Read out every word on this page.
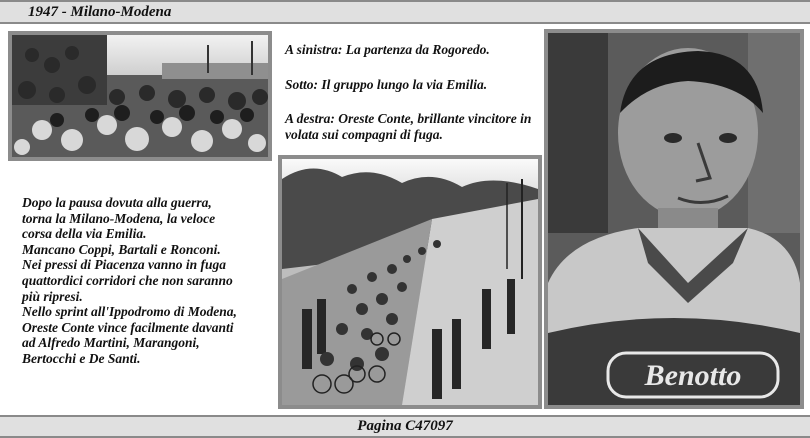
1947 - Milano-Modena

A sinistra: La partenza da Rogoredo.

Sotto: Il gruppo lungo la via Emilia.

A destra: Oreste Conte, brillante vincitore in volata sui compagni di fuga.

Benotto
Dopo la pausa dovuta alla guerra,
torna la Milano-Modena, la veloce
corsa della via Emilia.
Mancano Coppi, Bartali e Ronconi.
Nei pressi di Piacenza vanno in fuga
quattordici corridori che non saranno
più ripresi.
Nello sprint all'Ippodromo di Modena,
Oreste Conte vince facilmente davanti
ad Alfredo Martini, Marangoni,
Bertocchi e De Santi.
Pagina C47097
